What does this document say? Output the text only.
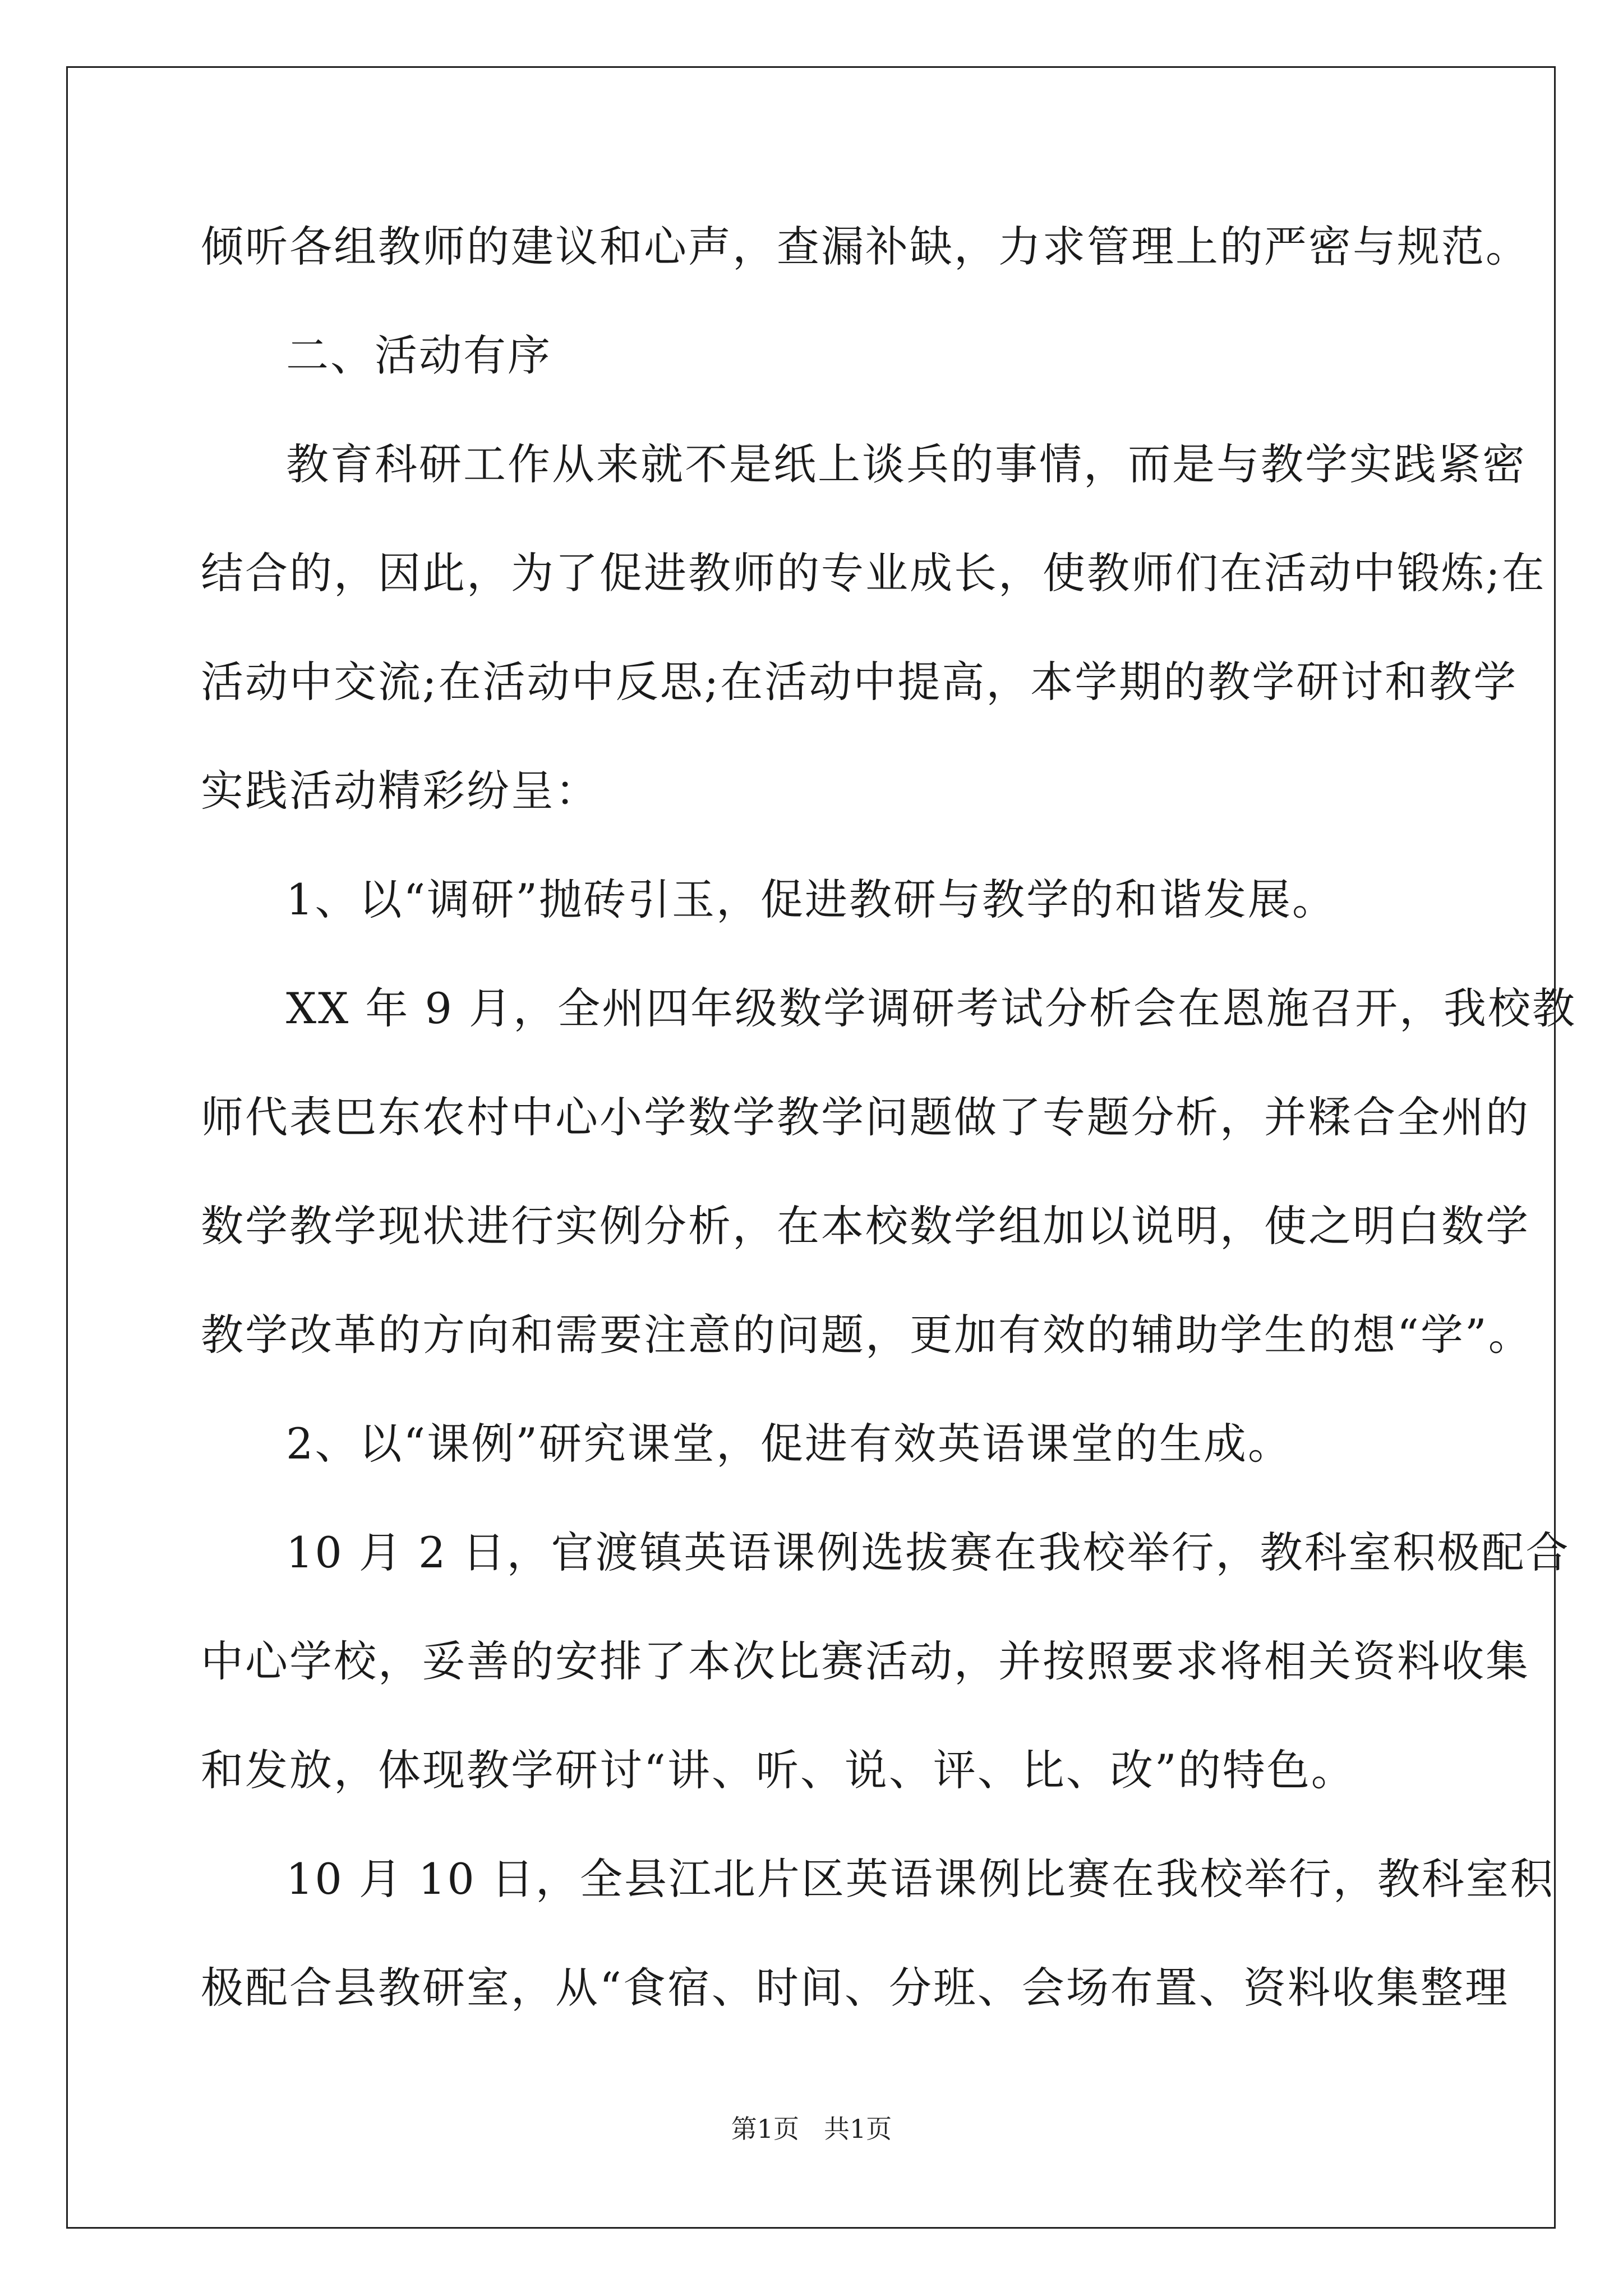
倾听各组教师的建议和心声，查漏补缺，力求管理上的严密与规范。
二、活动有序
教育科研工作从来就不是纸上谈兵的事情，而是与教学实践紧密
结合的，因此，为了促进教师的专业成长，使教师们在活动中锻炼;在
活动中交流;在活动中反思;在活动中提高，本学期的教学研讨和教学
实践活动精彩纷呈：
1、以“调研”抛砖引玉，促进教研与教学的和谐发展。
XX 年 9 月，全州四年级数学调研考试分析会在恩施召开，我校教
师代表巴东农村中心小学数学教学问题做了专题分析，并糅合全州的
数学教学现状进行实例分析，在本校数学组加以说明，使之明白数学
教学改革的方向和需要注意的问题，更加有效的辅助学生的想“学”。
2、以“课例”研究课堂，促进有效英语课堂的生成。
10 月 2 日，官渡镇英语课例选拔赛在我校举行，教科室积极配合
中心学校，妥善的安排了本次比赛活动，并按照要求将相关资料收集
和发放，体现教学研讨“讲、听、说、评、比、改”的特色。
10 月 10 日，全县江北片区英语课例比赛在我校举行，教科室积
极配合县教研室，从“食宿、时间、分班、会场布置、资料收集整理
第1页 共1页
